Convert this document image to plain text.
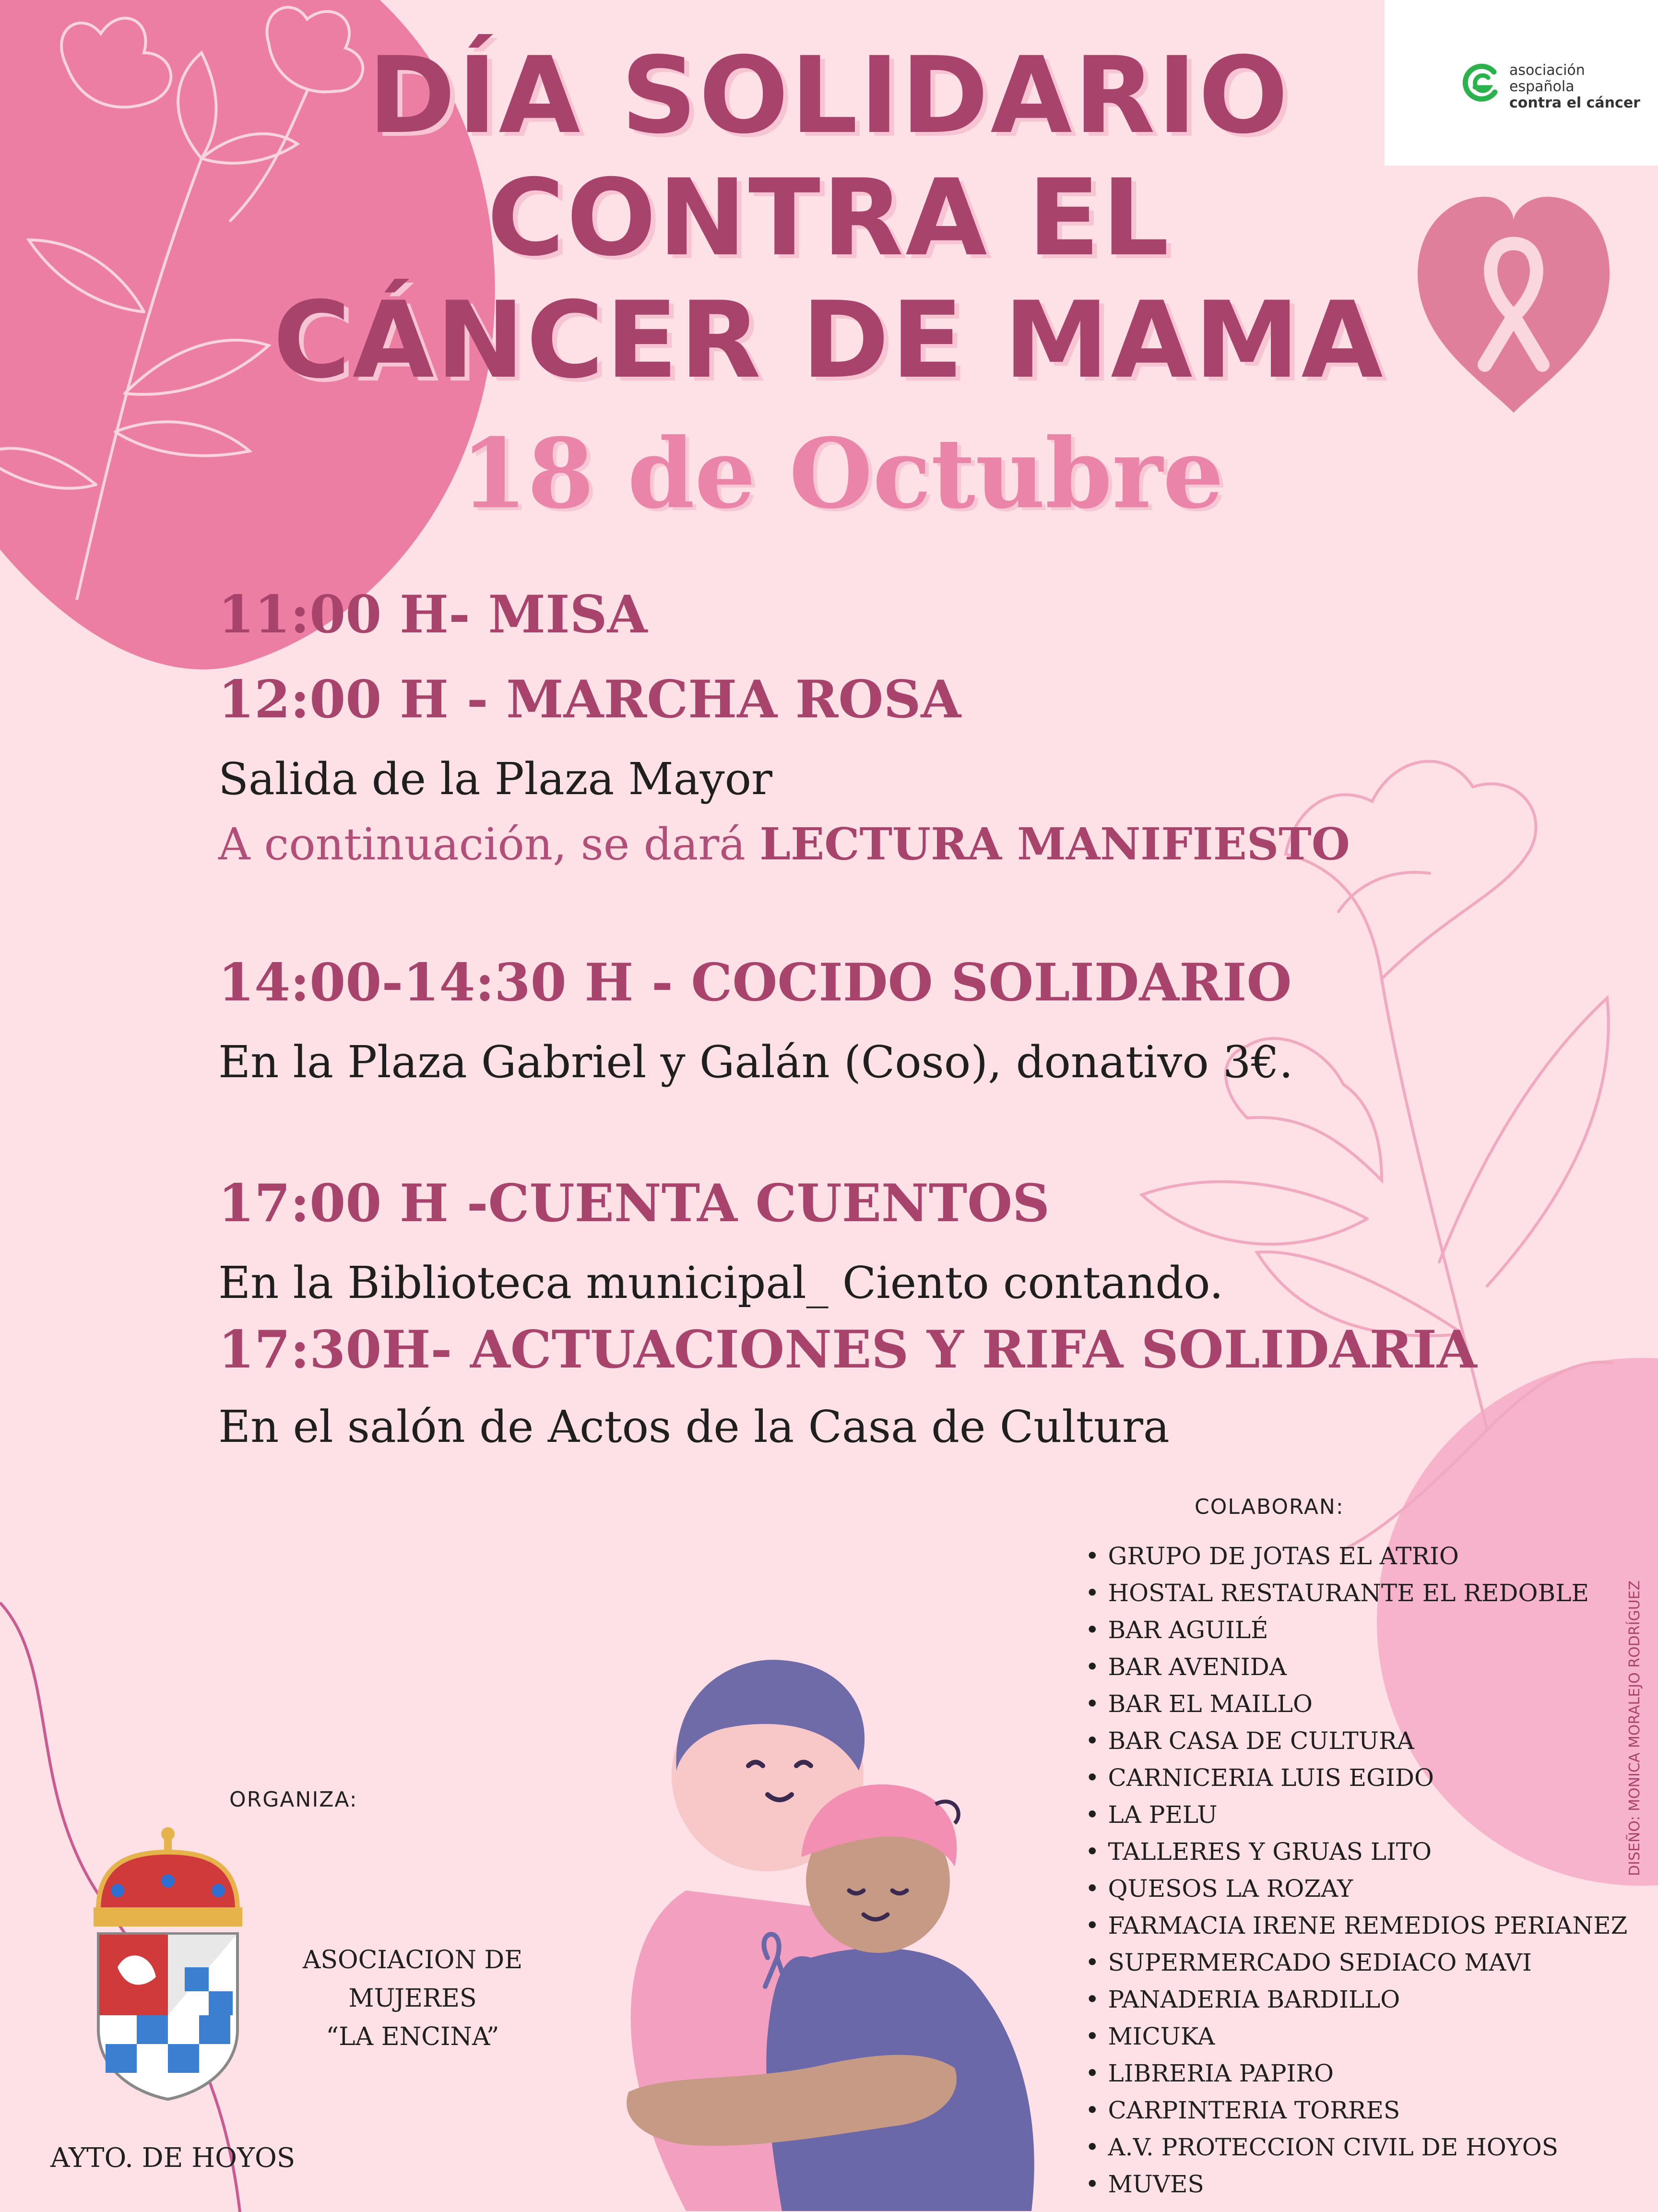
asociación
española
contra el cáncer
DÍA SOLIDARIO
CONTRA EL
CÁNCER DE MAMA
18 de Octubre
11:00 H- MISA
12:00 H - MARCHA ROSA
Salida de la Plaza Mayor
A continuación, se dará LECTURA MANIFIESTO
14:00-14:30 H - COCIDO SOLIDARIO
En la Plaza Gabriel y Galán (Coso), donativo 3€.
17:00 H -CUENTA CUENTOS
En la Biblioteca municipal_ Ciento contando.
17:30H- ACTUACIONES Y RIFA SOLIDARIA
En el salón de Actos de la Casa de Cultura
COLABORAN:
• GRUPO DE JOTAS EL ATRIO
• HOSTAL RESTAURANTE EL REDOBLE
• BAR AGUILÉ
• BAR AVENIDA
• BAR EL MAILLO
• BAR CASA DE CULTURA
• CARNICERIA LUIS EGIDO
• LA PELU
• TALLERES Y GRUAS LITO
• QUESOS LA ROZAY
• FARMACIA IRENE REMEDIOS PERIANEZ
• SUPERMERCADO SEDIACO MAVI
• PANADERIA BARDILLO
• MICUKA
• LIBRERIA PAPIRO
• CARPINTERIA TORRES
• A.V. PROTECCION CIVIL DE HOYOS
• MUVES
ORGANIZA:
ASOCIACION DE
MUJERES
“LA ENCINA”
AYTO. DE HOYOS
DISEÑO: MONICA MORALEJO RODRÍGUEZ
